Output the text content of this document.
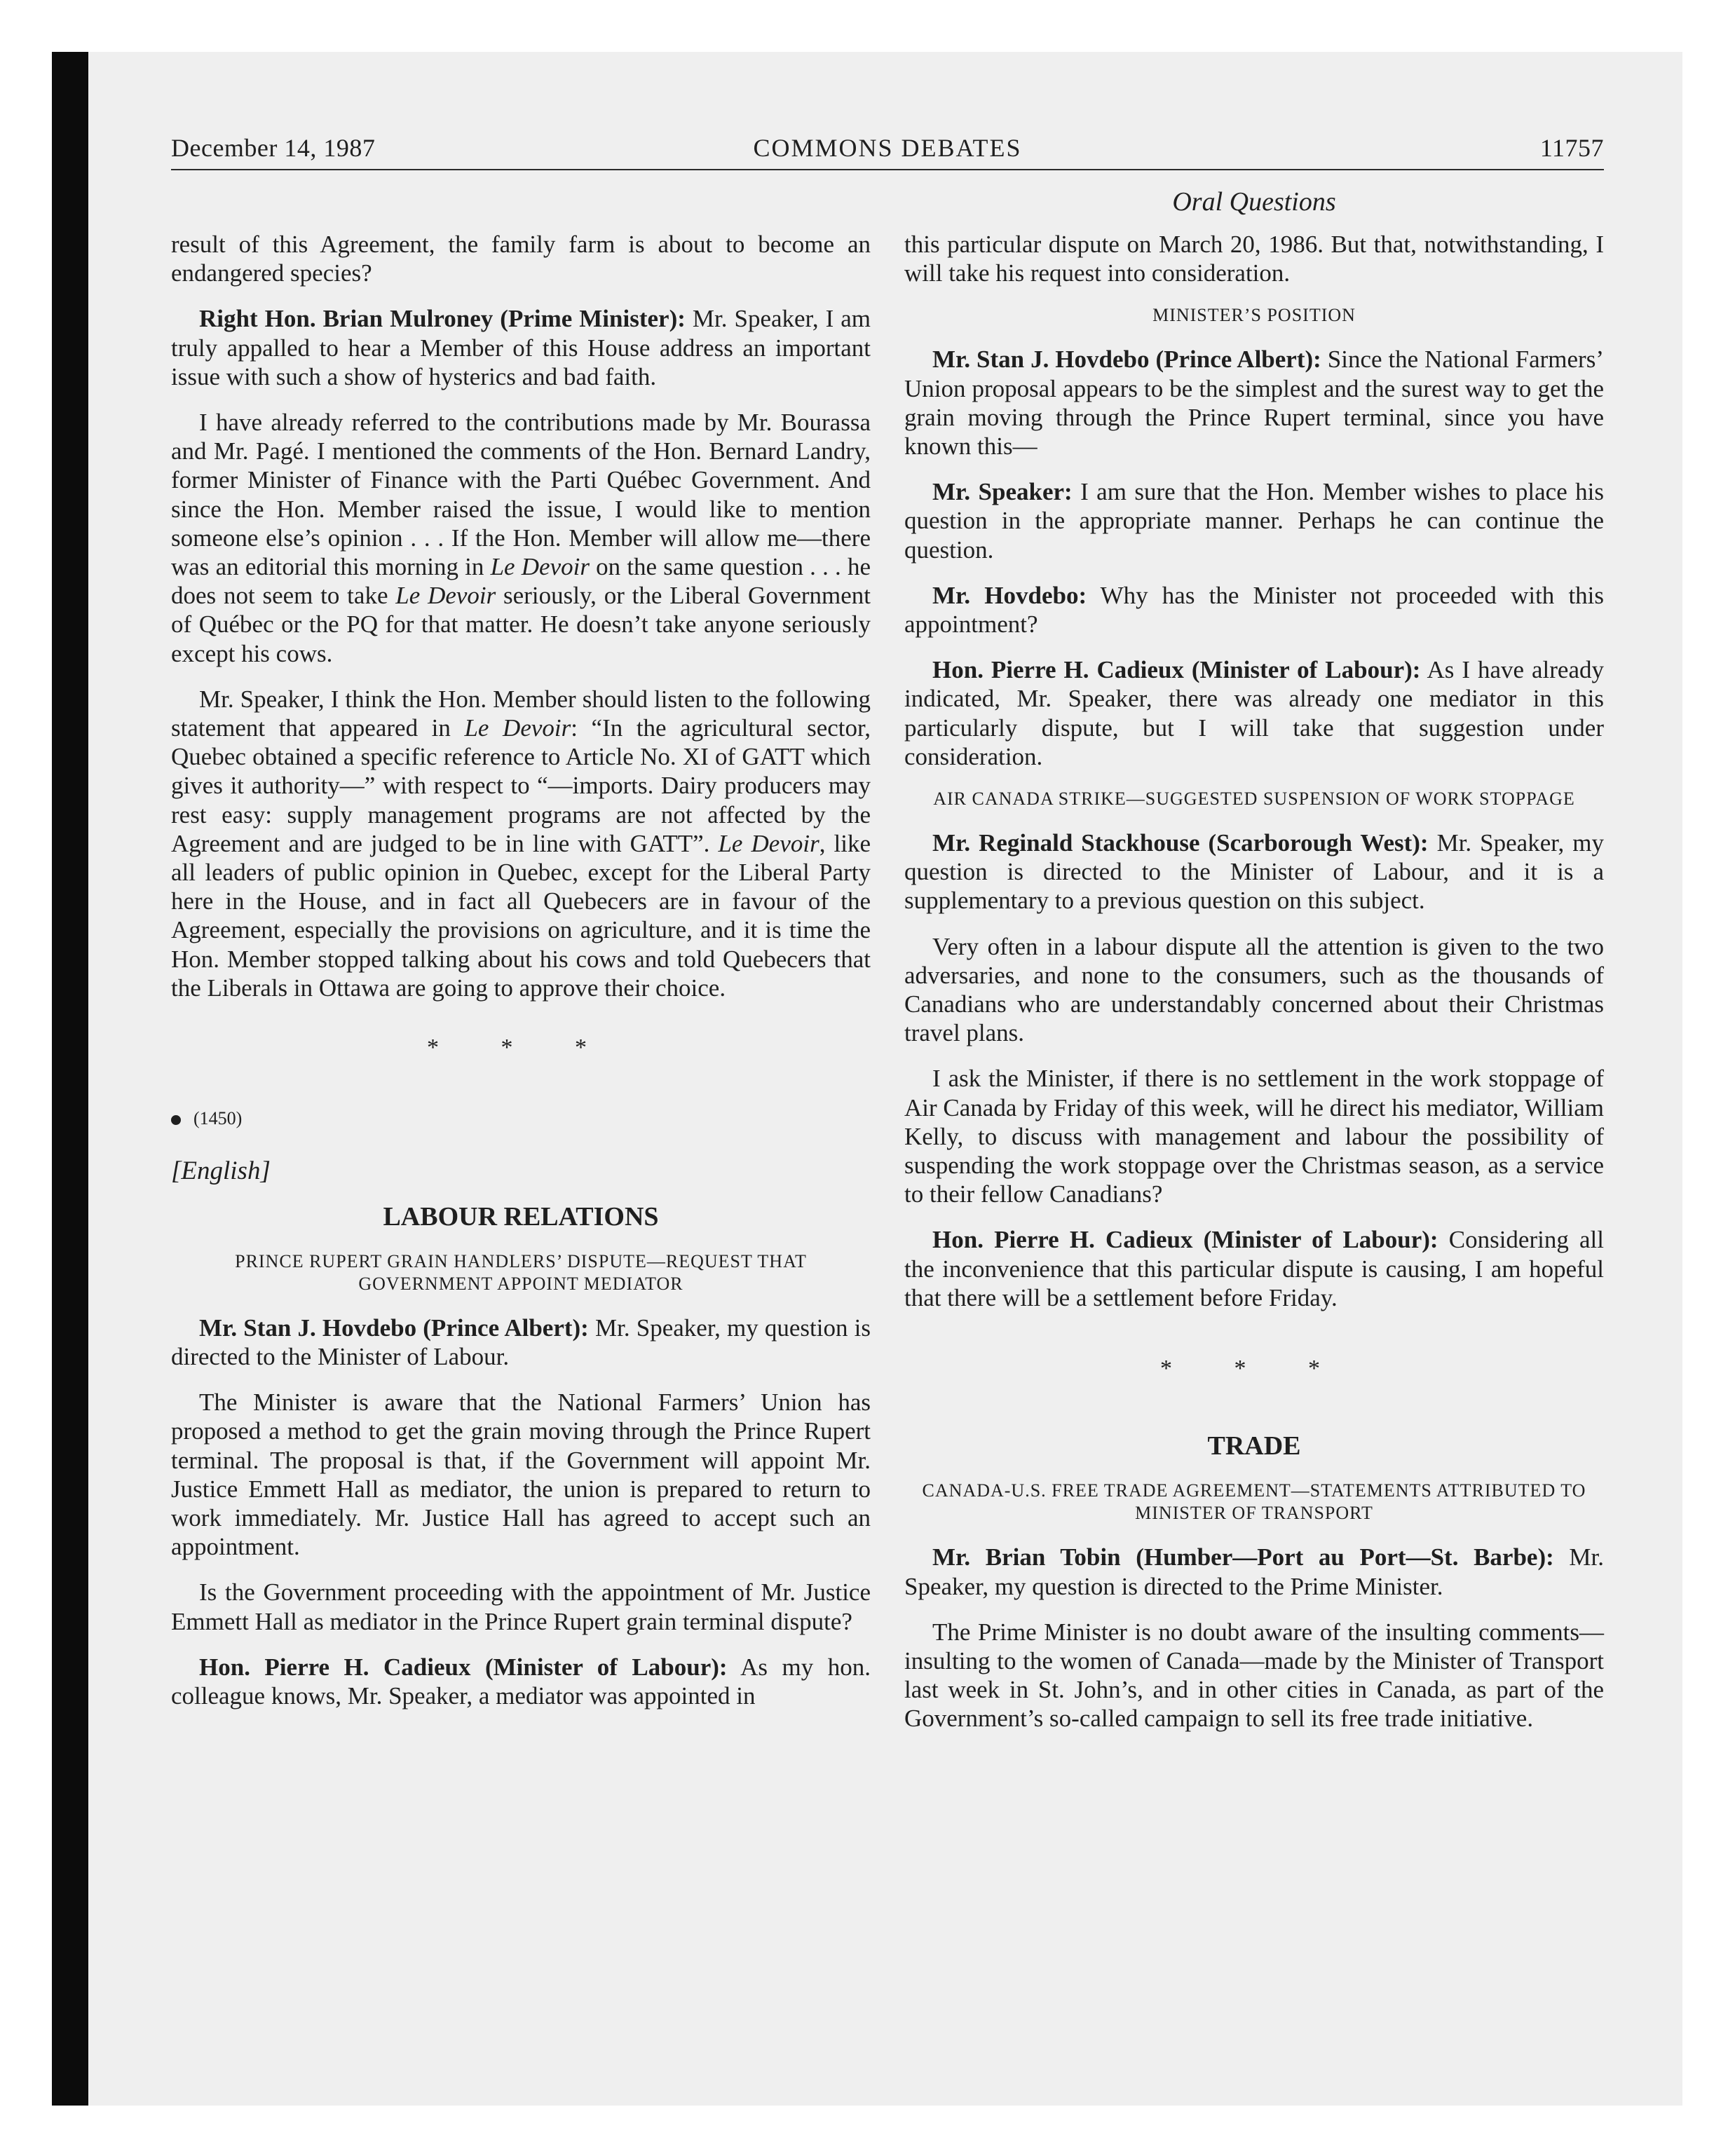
December 14, 1987	COMMONS DEBATES	11757
Oral Questions

result of this Agreement, the family farm is about to become an endangered species?

Right Hon. Brian Mulroney (Prime Minister): Mr. Speaker, I am truly appalled to hear a Member of this House address an important issue with such a show of hysterics and bad faith.

I have already referred to the contributions made by Mr. Bourassa and Mr. Pagé. I mentioned the comments of the Hon. Bernard Landry, former Minister of Finance with the Parti Québec Government. And since the Hon. Member raised the issue, I would like to mention someone else’s opinion . . . If the Hon. Member will allow me—there was an editorial this morning in Le Devoir on the same question . . . he does not seem to take Le Devoir seriously, or the Liberal Government of Québec or the PQ for that matter. He doesn’t take anyone seriously except his cows.

Mr. Speaker, I think the Hon. Member should listen to the following statement that appeared in Le Devoir: “In the agricultural sector, Quebec obtained a specific reference to Article No. XI of GATT which gives it authority—” with respect to “—imports. Dairy producers may rest easy: supply management programs are not affected by the Agreement and are judged to be in line with GATT”. Le Devoir, like all leaders of public opinion in Quebec, except for the Liberal Party here in the House, and in fact all Quebecers are in favour of the Agreement, especially the provisions on agriculture, and it is time the Hon. Member stopped talking about his cows and told Quebecers that the Liberals in Ottawa are going to approve their choice.

* * *

(1450)

[English]

LABOUR RELATIONS

PRINCE RUPERT GRAIN HANDLERS’ DISPUTE—REQUEST THAT GOVERNMENT APPOINT MEDIATOR

Mr. Stan J. Hovdebo (Prince Albert): Mr. Speaker, my question is directed to the Minister of Labour.

The Minister is aware that the National Farmers’ Union has proposed a method to get the grain moving through the Prince Rupert terminal. The proposal is that, if the Government will appoint Mr. Justice Emmett Hall as mediator, the union is prepared to return to work immediately. Mr. Justice Hall has agreed to accept such an appointment.

Is the Government proceeding with the appointment of Mr. Justice Emmett Hall as mediator in the Prince Rupert grain terminal dispute?

Hon. Pierre H. Cadieux (Minister of Labour): As my hon. colleague knows, Mr. Speaker, a mediator was appointed in

this particular dispute on March 20, 1986. But that, notwithstanding, I will take his request into consideration.

MINISTER’S POSITION

Mr. Stan J. Hovdebo (Prince Albert): Since the National Farmers’ Union proposal appears to be the simplest and the surest way to get the grain moving through the Prince Rupert terminal, since you have known this—

Mr. Speaker: I am sure that the Hon. Member wishes to place his question in the appropriate manner. Perhaps he can continue the question.

Mr. Hovdebo: Why has the Minister not proceeded with this appointment?

Hon. Pierre H. Cadieux (Minister of Labour): As I have already indicated, Mr. Speaker, there was already one mediator in this particularly dispute, but I will take that suggestion under consideration.

AIR CANADA STRIKE—SUGGESTED SUSPENSION OF WORK STOPPAGE

Mr. Reginald Stackhouse (Scarborough West): Mr. Speaker, my question is directed to the Minister of Labour, and it is a supplementary to a previous question on this subject.

Very often in a labour dispute all the attention is given to the two adversaries, and none to the consumers, such as the thousands of Canadians who are understandably concerned about their Christmas travel plans.

I ask the Minister, if there is no settlement in the work stoppage of Air Canada by Friday of this week, will he direct his mediator, William Kelly, to discuss with management and labour the possibility of suspending the work stoppage over the Christmas season, as a service to their fellow Canadians?

Hon. Pierre H. Cadieux (Minister of Labour): Considering all the inconvenience that this particular dispute is causing, I am hopeful that there will be a settlement before Friday.

* * *

TRADE

CANADA-U.S. FREE TRADE AGREEMENT—STATEMENTS ATTRIBUTED TO MINISTER OF TRANSPORT

Mr. Brian Tobin (Humber—Port au Port—St. Barbe): Mr. Speaker, my question is directed to the Prime Minister.

The Prime Minister is no doubt aware of the insulting comments—insulting to the women of Canada—made by the Minister of Transport last week in St. John’s, and in other cities in Canada, as part of the Government’s so-called campaign to sell its free trade initiative.
